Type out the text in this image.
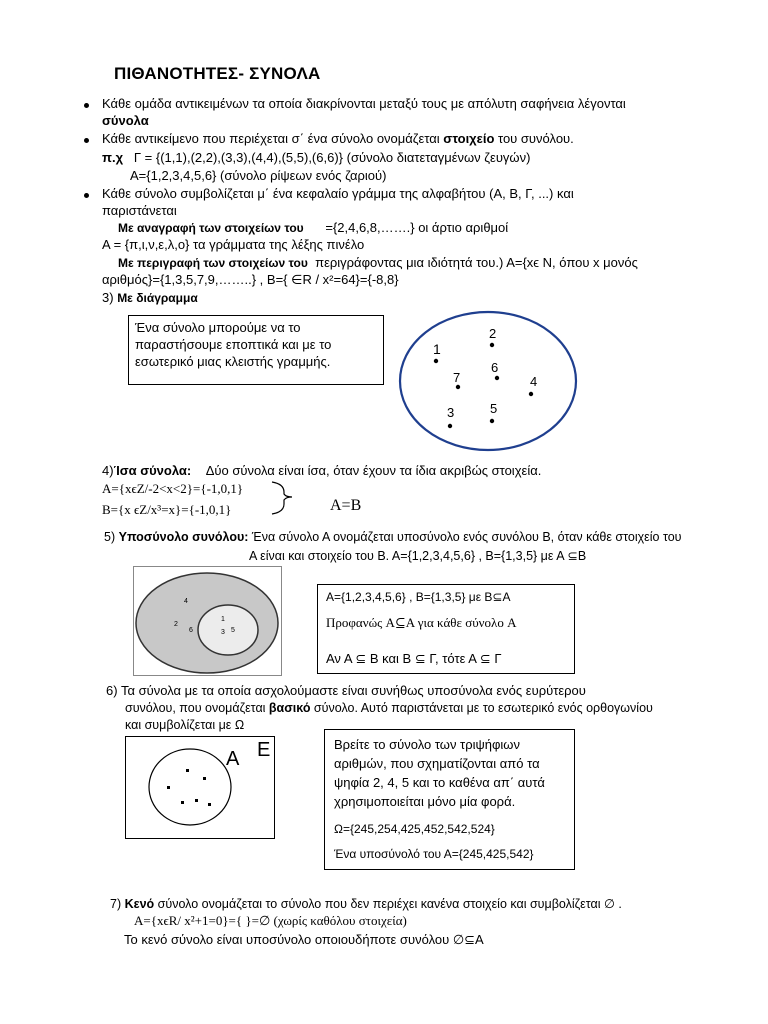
ΠΙΘΑΝΟΤΗΤΕΣ- ΣΥΝΟΛΑ
Κάθε ομάδα αντικειμένων τα οποία διακρίνονται μεταξύ τους με απόλυτη σαφήνεια λέγονται
σύνολα
Κάθε αντικείμενο που περιέχεται σ΄ ένα σύνολο ονομάζεται στοιχείο του συνόλου.
π.χ Γ = {(1,1),(2,2),(3,3),(4,4),(5,5),(6,6)} (σύνολο διατεταγμένων ζευγών)
Α={1,2,3,4,5,6} (σύνολο ρίψεων ενός ζαριού)
Κάθε σύνολο συμβολίζεται μ΄ ένα κεφαλαίο γράμμα της αλφαβήτου (Α, Β, Γ, ...) και
παριστάνεται
Με αναγραφή των στοιχείων του ={2,4,6,8,…….} οι άρτιο αριθμοί
Α = {π,ι,ν,ε,λ,ο} τα γράμματα της λέξης πινέλο
Με περιγραφή των στοιχείων του περιγράφοντας μια ιδιότητά του.) Α={xϵ N, όπου x μονός
αριθμός}={1,3,5,7,9,……..} , B={ ∈R / x²=64}={-8,8}
3) Με διάγραμμα
Ένα σύνολο μπορούμε να το
παραστήσουμε εποπτικά και με το
εσωτερικό μιας κλειστής γραμμής.
1
2
6
7	4
3	5
4)Ίσα σύνολα: Δύο σύνολα είναι ίσα, όταν έχουν τα ίδια ακριβώς στοιχεία.
A={xϵZ/-2<x<2}={-1,0,1}
B={x ϵZ/x³=x}={-1,0,1}	A=B
5) Υποσύνολο συνόλου: Ένα σύνολο Α ονομάζεται υποσύνολο ενός συνόλου Β, όταν κάθε στοιχείο του
Α είναι και στοιχείο του Β. Α={1,2,3,4,5,6} , Β={1,3,5} με Α ⊆Β
4
2
6
1
3 5
A={1,2,3,4,5,6} , B={1,3,5} με B⊆A
Προφανώς A⊆A για κάθε σύνολο A
Αν Α ⊆ Β και Β ⊆ Γ, τότε Α ⊆ Γ
6) Τα σύνολα με τα οποία ασχολούμαστε είναι συνήθως υποσύνολα ενός ευρύτερου
συνόλου, που ονομάζεται βασικό σύνολο. Αυτό παριστάνεται με το εσωτερικό ενός ορθογωνίου
και συμβολίζεται με Ω
A E	Βρείτε το σύνολο των τριψήφιων
αριθμών, που σχηματίζονται από τα
ψηφία 2, 4, 5 και το καθένα απ΄ αυτά
χρησιμοποιείται μόνο μία φορά.
Ω={245,254,425,452,542,524}
Ένα υποσύνολό του Α={245,425,542}
7) Κενό σύνολο ονομάζεται το σύνολο που δεν περιέχει κανένα στοιχείο και συμβολίζεται ∅ .
A={xϵR/ x²+1=0}={ }=∅ (χωρίς καθόλου στοιχεία)
Το κενό σύνολο είναι υποσύνολο οποιουδήποτε συνόλου ∅⊆A
